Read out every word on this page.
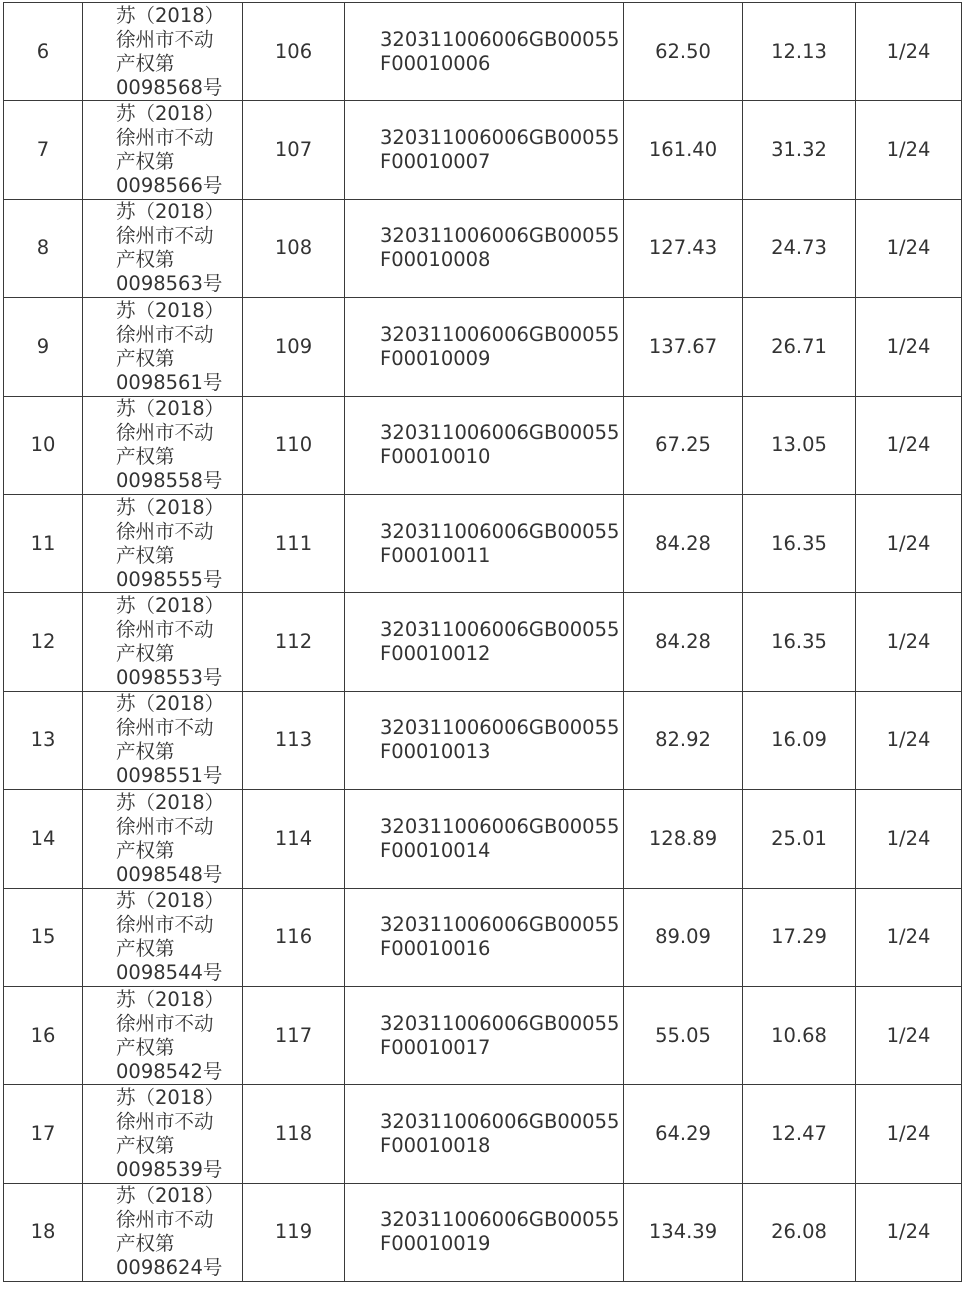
6	苏（2018）
徐州市不动
产权第
0098568号	106	320311006006GB00055
F00010006	62.50	12.13	1/24
7	苏（2018）
徐州市不动
产权第
0098566号	107	320311006006GB00055
F00010007	161.40	31.32	1/24
8	苏（2018）
徐州市不动
产权第
0098563号	108	320311006006GB00055
F00010008	127.43	24.73	1/24
9	苏（2018）
徐州市不动
产权第
0098561号	109	320311006006GB00055
F00010009	137.67	26.71	1/24
10	苏（2018）
徐州市不动
产权第
0098558号	110	320311006006GB00055
F00010010	67.25	13.05	1/24
11	苏（2018）
徐州市不动
产权第
0098555号	111	320311006006GB00055
F00010011	84.28	16.35	1/24
12	苏（2018）
徐州市不动
产权第
0098553号	112	320311006006GB00055
F00010012	84.28	16.35	1/24
13	苏（2018）
徐州市不动
产权第
0098551号	113	320311006006GB00055
F00010013	82.92	16.09	1/24
14	苏（2018）
徐州市不动
产权第
0098548号	114	320311006006GB00055
F00010014	128.89	25.01	1/24
15	苏（2018）
徐州市不动
产权第
0098544号	116	320311006006GB00055
F00010016	89.09	17.29	1/24
16	苏（2018）
徐州市不动
产权第
0098542号	117	320311006006GB00055
F00010017	55.05	10.68	1/24
17	苏（2018）
徐州市不动
产权第
0098539号	118	320311006006GB00055
F00010018	64.29	12.47	1/24
18	苏（2018）
徐州市不动
产权第
0098624号	119	320311006006GB00055
F00010019	134.39	26.08	1/24
